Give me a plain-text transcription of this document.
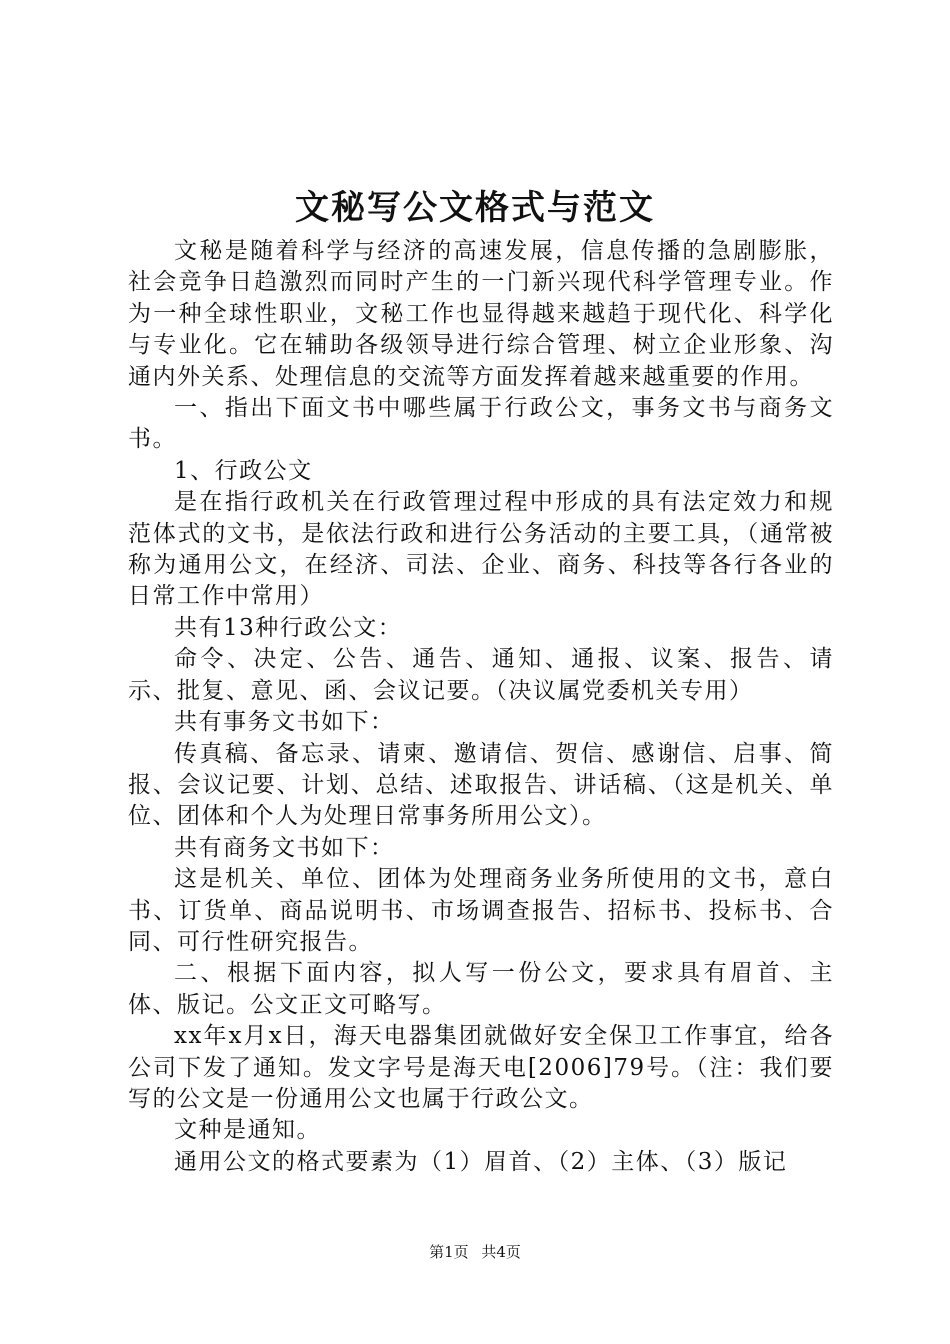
文秘写公文格式与范文

文秘是随着科学与经济的高速发展，信息传播的急剧膨胀，社会竞争日趋激烈而同时产生的一门新兴现代科学管理专业。作为一种全球性职业，文秘工作也显得越来越趋于现代化、科学化与专业化。它在辅助各级领导进行综合管理、树立企业形象、沟通内外关系、处理信息的交流等方面发挥着越来越重要的作用。

一、指出下面文书中哪些属于行政公文，事务文书与商务文书。

1、行政公文

是在指行政机关在行政管理过程中形成的具有法定效力和规范体式的文书，是依法行政和进行公务活动的主要工具，（通常被称为通用公文，在经济、司法、企业、商务、科技等各行各业的日常工作中常用）

共有13种行政公文：

命令、决定、公告、通告、通知、通报、议案、报告、请示、批复、意见、函、会议记要。（决议属党委机关专用）

共有事务文书如下：

传真稿、备忘录、请柬、邀请信、贺信、感谢信、启事、简报、会议记要、计划、总结、述取报告、讲话稿、（这是机关、单位、团体和个人为处理日常事务所用公文）。

共有商务文书如下：

这是机关、单位、团体为处理商务业务所使用的文书，意白书、订货单、商品说明书、市场调查报告、招标书、投标书、合同、可行性研究报告。

二、根据下面内容，拟人写一份公文，要求具有眉首、主体、版记。公文正文可略写。

xx年x月x日，海天电器集团就做好安全保卫工作事宜，给各公司下发了通知。发文字号是海天电[2006]79号。（注：我们要写的公文是一份通用公文也属于行政公文。

文种是通知。

通用公文的格式要素为（1）眉首、（2）主体、（3）版记

第1页 共4页
